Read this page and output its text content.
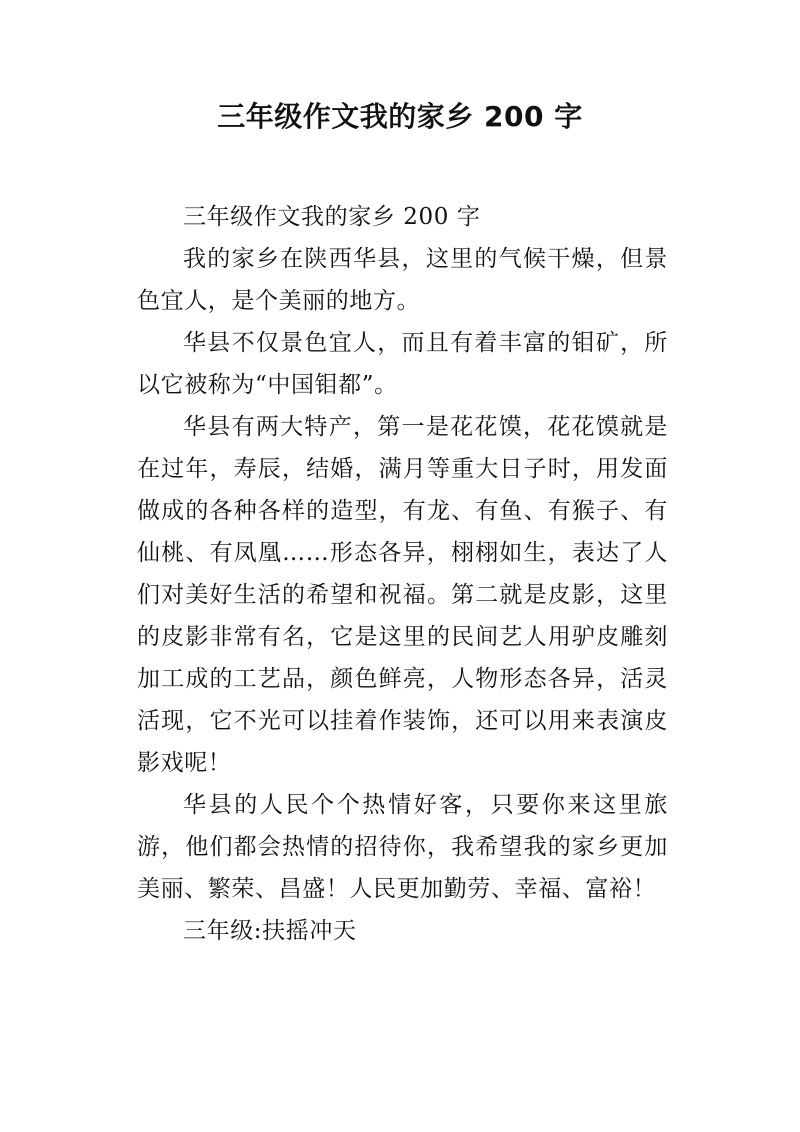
三年级作文我的家乡 200 字

三年级作文我的家乡 200 字

我的家乡在陕西华县，这里的气候干燥，但景色宜人，是个美丽的地方。

华县不仅景色宜人，而且有着丰富的钼矿，所以它被称为“中国钼都”。

华县有两大特产，第一是花花馍，花花馍就是在过年，寿辰，结婚，满月等重大日子时，用发面做成的各种各样的造型，有龙、有鱼、有猴子、有仙桃、有凤凰……形态各异，栩栩如生，表达了人们对美好生活的希望和祝福。第二就是皮影，这里的皮影非常有名，它是这里的民间艺人用驴皮雕刻加工成的工艺品，颜色鲜亮，人物形态各异，活灵活现，它不光可以挂着作装饰，还可以用来表演皮影戏呢！

华县的人民个个热情好客，只要你来这里旅游，他们都会热情的招待你，我希望我的家乡更加美丽、繁荣、昌盛！人民更加勤劳、幸福、富裕！

三年级:扶摇冲天
